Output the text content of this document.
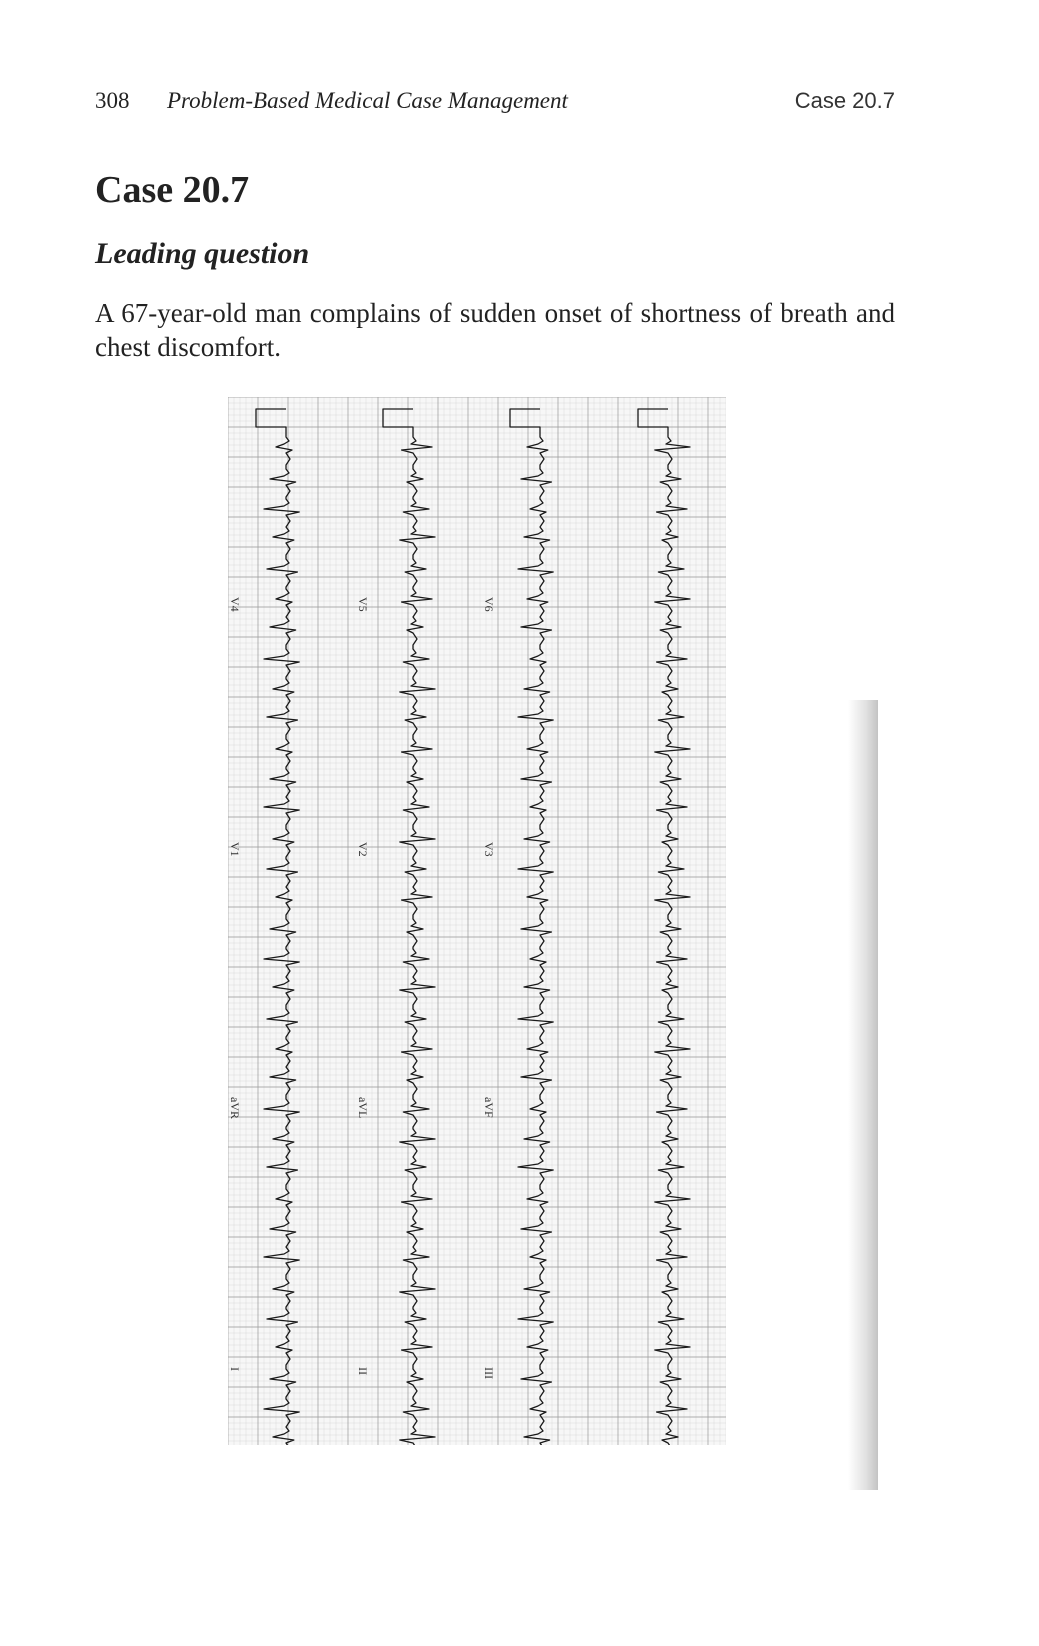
308 Problem-Based Medical Case Management	Case 20.7
Case 20.7
Leading question

A 67-year-old man complains of sudden onset of shortness of breath and chest discomfort.

I
aVR
V1
V4
II
aVL
V2
V5
III
aVF
V3
V6
